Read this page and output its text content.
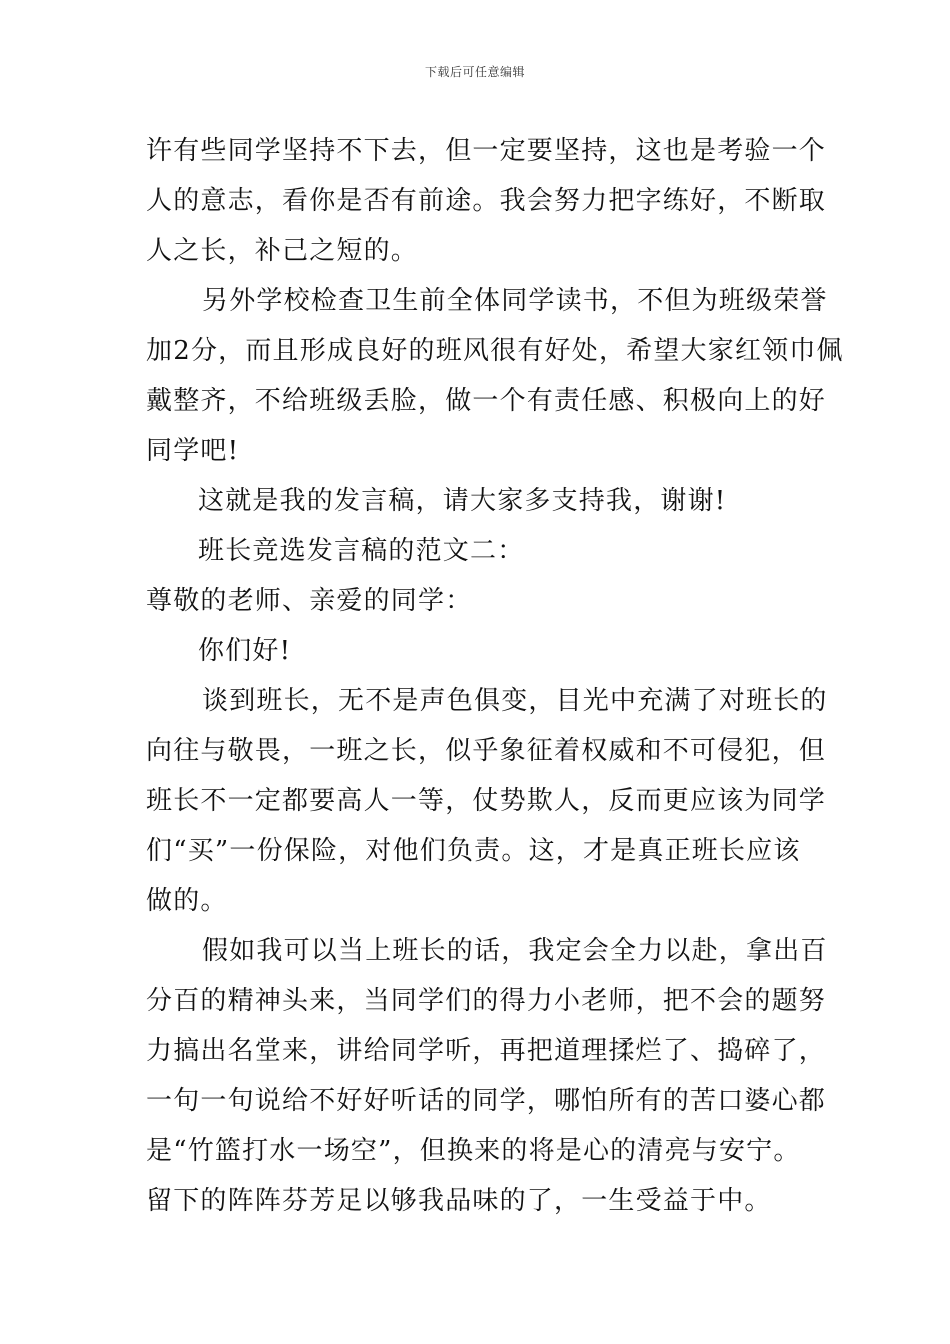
下载后可任意编辑
许有些同学坚持不下去，但一定要坚持，这也是考验一个
人的意志，看你是否有前途。我会努力把字练好，不断取
人之长，补己之短的。
另外学校检查卫生前全体同学读书，不但为班级荣誉
加2分，而且形成良好的班风很有好处，希望大家红领巾佩
戴整齐，不给班级丢脸，做一个有责任感、积极向上的好
同学吧!
这就是我的发言稿，请大家多支持我，谢谢!
班长竞选发言稿的范文二：
尊敬的老师、亲爱的同学：
你们好!
谈到班长，无不是声色俱变，目光中充满了对班长的
向往与敬畏，一班之长，似乎象征着权威和不可侵犯，但
班长不一定都要高人一等，仗势欺人，反而更应该为同学
们“买”一份保险，对他们负责。这，才是真正班长应该
做的。
假如我可以当上班长的话，我定会全力以赴，拿出百
分百的精神头来，当同学们的得力小老师，把不会的题努
力搞出名堂来，讲给同学听，再把道理揉烂了、捣碎了，
一句一句说给不好好听话的同学，哪怕所有的苦口婆心都
是“竹篮打水一场空”，但换来的将是心的清亮与安宁。
留下的阵阵芬芳足以够我品味的了，一生受益于中。
